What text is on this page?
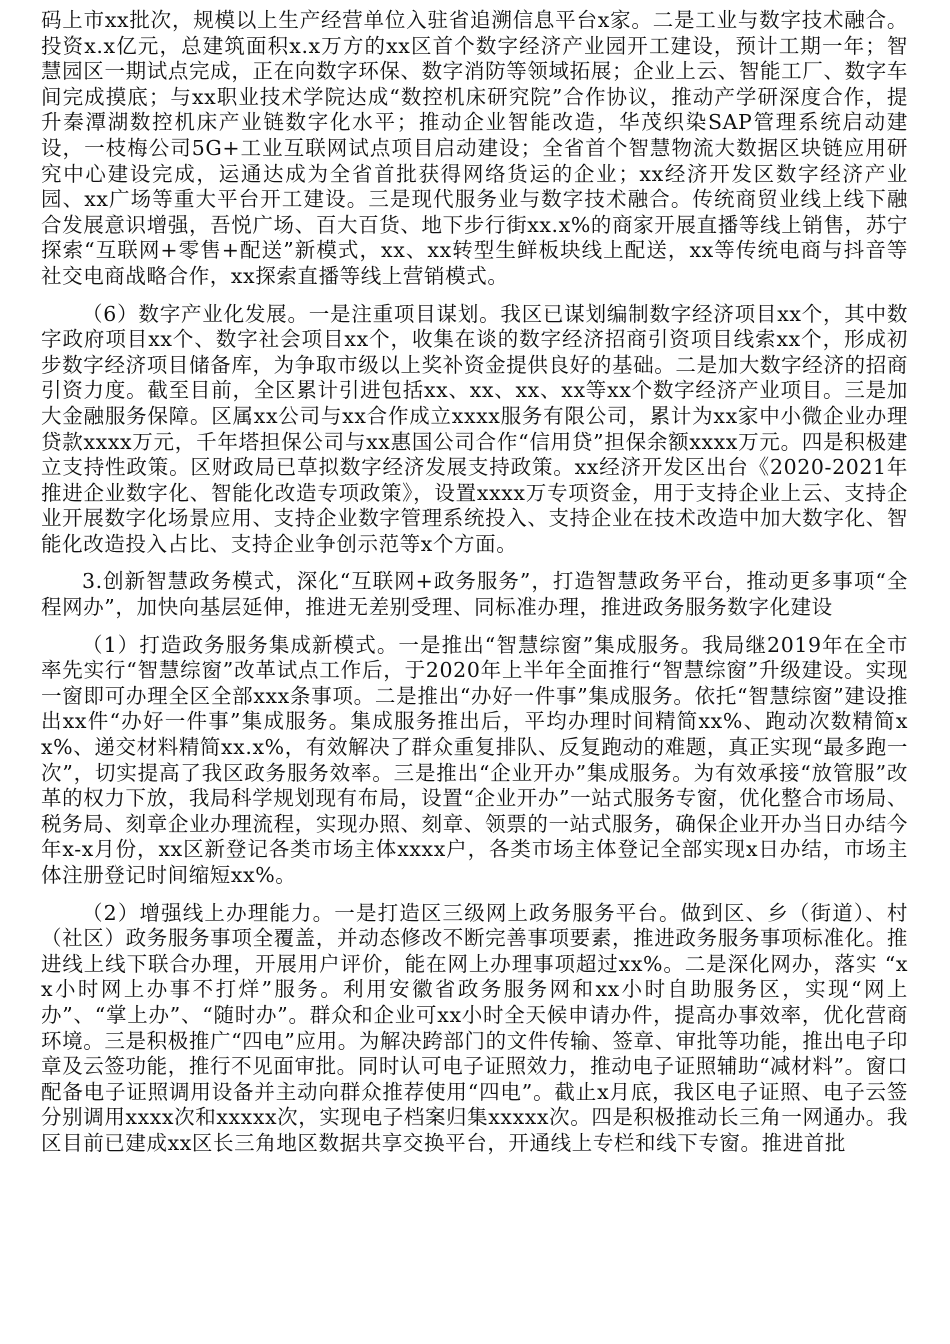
码上市xx批次，规模以上生产经营单位入驻省追溯信息平台x家。二是工业与数字技术融合。投资x.x亿元，总建筑面积x.x万方的xx区首个数字经济产业园开工建设，预计工期一年；智慧园区一期试点完成，正在向数字环保、数字消防等领域拓展；企业上云、智能工厂、数字车间完成摸底；与xx职业技术学院达成“数控机床研究院”合作协议，推动产学研深度合作，提升秦潭湖数控机床产业链数字化水平；推动企业智能改造，华茂织染SAP管理系统启动建设，一枝梅公司5G+工业互联网试点项目启动建设；全省首个智慧物流大数据区块链应用研究中心建设完成，运通达成为全省首批获得网络货运的企业；xx经济开发区数字经济产业园、xx广场等重大平台开工建设。三是现代服务业与数字技术融合。传统商贸业线上线下融合发展意识增强，吾悦广场、百大百货、地下步行街xx.x%的商家开展直播等线上销售，苏宁探索“互联网+零售+配送”新模式，xx、xx转型生鲜板块线上配送，xx等传统电商与抖音等社交电商战略合作，xx探索直播等线上营销模式。

（6）数字产业化发展。一是注重项目谋划。我区已谋划编制数字经济项目xx个，其中数字政府项目xx个、数字社会项目xx个，收集在谈的数字经济招商引资项目线索xx个，形成初步数字经济项目储备库，为争取市级以上奖补资金提供良好的基础。二是加大数字经济的招商引资力度。截至目前，全区累计引进包括xx、xx、xx、xx等xx个数字经济产业项目。三是加大金融服务保障。区属xx公司与xx合作成立xxxx服务有限公司，累计为xx家中小微企业办理贷款xxxx万元，千年塔担保公司与xx惠国公司合作“信用贷”担保余额xxxx万元。四是积极建立支持性政策。区财政局已草拟数字经济发展支持政策。xx经济开发区出台《2020-2021年推进企业数字化、智能化改造专项政策》，设置xxxx万专项资金，用于支持企业上云、支持企业开展数字化场景应用、支持企业数字管理系统投入、支持企业在技术改造中加大数字化、智能化改造投入占比、支持企业争创示范等x个方面。

3.创新智慧政务模式，深化“互联网+政务服务”，打造智慧政务平台，推动更多事项“全程网办”，加快向基层延伸，推进无差别受理、同标准办理，推进政务服务数字化建设

（1）打造政务服务集成新模式。一是推出“智慧综窗”集成服务。我局继2019年在全市率先实行“智慧综窗”改革试点工作后，于2020年上半年全面推行“智慧综窗”升级建设。实现一窗即可办理全区全部xxx条事项。二是推出“办好一件事”集成服务。依托“智慧综窗”建设推出xx件“办好一件事”集成服务。集成服务推出后，平均办理时间精简xx%、跑动次数精简xx%、递交材料精简xx.x%，有效解决了群众重复排队、反复跑动的难题，真正实现“最多跑一次”，切实提高了我区政务服务效率。三是推出“企业开办”集成服务。为有效承接“放管服”改革的权力下放，我局科学规划现有布局，设置“企业开办”一站式服务专窗，优化整合市场局、税务局、刻章企业办理流程，实现办照、刻章、领票的一站式服务，确保企业开办当日办结今年x-x月份，xx区新登记各类市场主体xxxx户，各类市场主体登记全部实现x日办结，市场主体注册登记时间缩短xx%。

（2）增强线上办理能力。一是打造区三级网上政务服务平台。做到区、乡（街道）、村（社区）政务服务事项全覆盖，并动态修改不断完善事项要素，推进政务服务事项标准化。推进线上线下联合办理，开展用户评价，能在网上办理事项超过xx%。二是深化网办，落实 “xx小时网上办事不打烊”服务。利用安徽省政务服务网和xx小时自助服务区，实现“网上办”、“掌上办”、“随时办”。群众和企业可xx小时全天候申请办件，提高办事效率，优化营商环境。三是积极推广“四电”应用。为解决跨部门的文件传输、签章、审批等功能，推出电子印章及云签功能，推行不见面审批。同时认可电子证照效力，推动电子证照辅助“减材料”。窗口配备电子证照调用设备并主动向群众推荐使用“四电”。截止x月底，我区电子证照、电子云签分别调用xxxx次和xxxxx次，实现电子档案归集xxxxx次。四是积极推动长三角一网通办。我区目前已建成xx区长三角地区数据共享交换平台，开通线上专栏和线下专窗。推进首批
